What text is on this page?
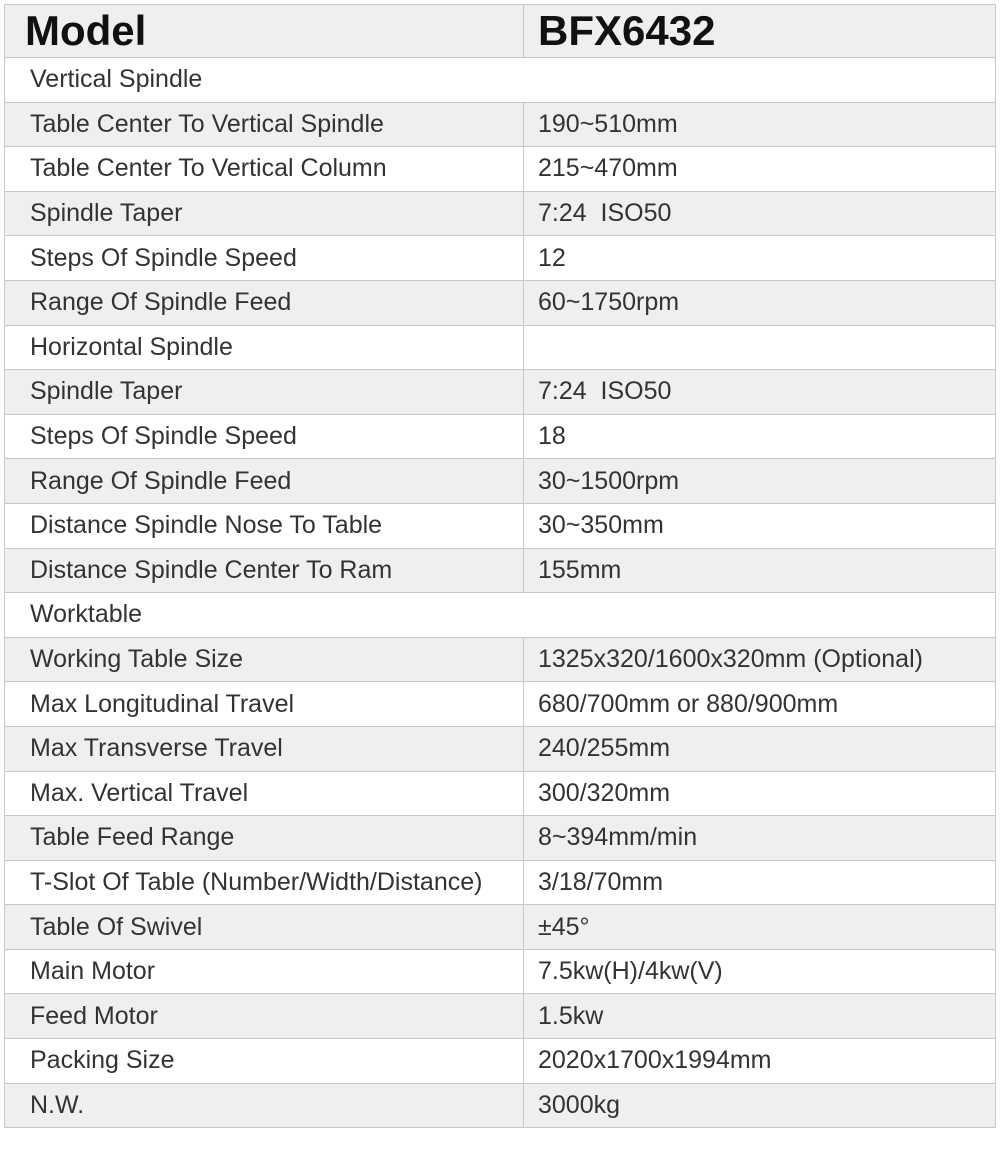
Model	BFX6432
Vertical Spindle	
Table Center To Vertical Spindle	190~510mm
Table Center To Vertical Column	215~470mm
Spindle Taper	7:24  ISO50
Steps Of Spindle Speed	12
Range Of Spindle Feed	60~1750rpm
Horizontal Spindle	
Spindle Taper	7:24  ISO50
Steps Of Spindle Speed	18
Range Of Spindle Feed	30~1500rpm
Distance Spindle Nose To Table	30~350mm
Distance Spindle Center To Ram	155mm
Worktable	
Working Table Size	1325x320/1600x320mm (Optional)
Max Longitudinal Travel	680/700mm or 880/900mm
Max Transverse Travel	240/255mm
Max. Vertical Travel	300/320mm
Table Feed Range	8~394mm/min
T-Slot Of Table (Number/Width/Distance)	3/18/70mm
Table Of Swivel	±45°
Main Motor	7.5kw(H)/4kw(V)
Feed Motor	1.5kw
Packing Size	2020x1700x1994mm
N.W.	3000kg
